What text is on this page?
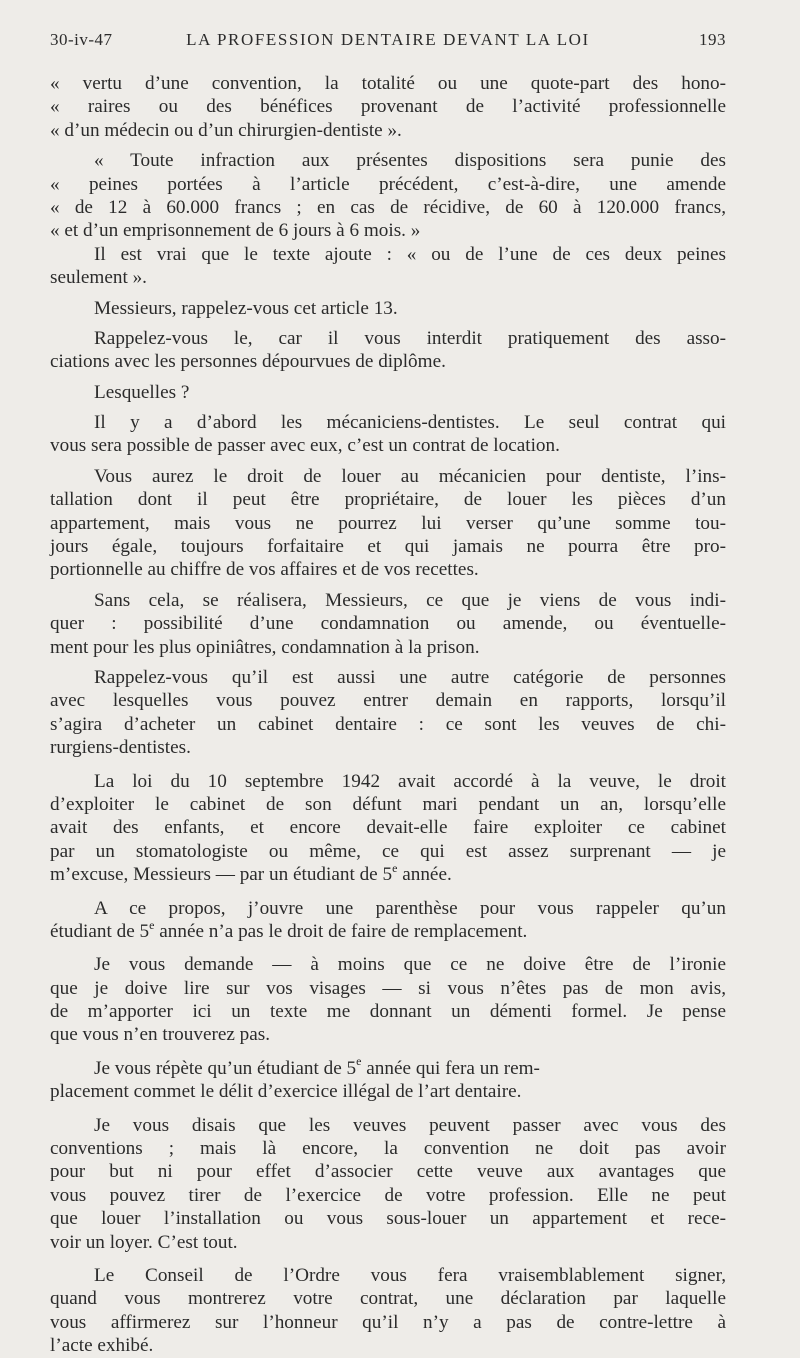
30-iv-47	LA PROFESSION DENTAIRE DEVANT LA LOI	193
« vertu d’une convention, la totalité ou une quote-part des hono-
« raires ou des bénéfices provenant de l’activité professionnelle
« d’un médecin ou d’un chirurgien-dentiste ».
« Toute infraction aux présentes dispositions sera punie des
« peines portées à l’article précédent, c’est-à-dire, une amende
« de 12 à 60.000 francs ; en cas de récidive, de 60 à 120.000 francs,
« et d’un emprisonnement de 6 jours à 6 mois. »
Il est vrai que le texte ajoute : « ou de l’une de ces deux peines
seulement ».
Messieurs, rappelez-vous cet article 13.
Rappelez-vous le, car il vous interdit pratiquement des asso-
ciations avec les personnes dépourvues de diplôme.
Lesquelles ?
Il y a d’abord les mécaniciens-dentistes. Le seul contrat qui
vous sera possible de passer avec eux, c’est un contrat de location.
Vous aurez le droit de louer au mécanicien pour dentiste, l’ins-
tallation dont il peut être propriétaire, de louer les pièces d’un
appartement, mais vous ne pourrez lui verser qu’une somme tou-
jours égale, toujours forfaitaire et qui jamais ne pourra être pro-
portionnelle au chiffre de vos affaires et de vos recettes.
Sans cela, se réalisera, Messieurs, ce que je viens de vous indi-
quer : possibilité d’une condamnation ou amende, ou éventuelle-
ment pour les plus opiniâtres, condamnation à la prison.
Rappelez-vous qu’il est aussi une autre catégorie de personnes
avec lesquelles vous pouvez entrer demain en rapports, lorsqu’il
s’agira d’acheter un cabinet dentaire : ce sont les veuves de chi-
rurgiens-dentistes.
La loi du 10 septembre 1942 avait accordé à la veuve, le droit
d’exploiter le cabinet de son défunt mari pendant un an, lorsqu’elle
avait des enfants, et encore devait-elle faire exploiter ce cabinet
par un stomatologiste ou même, ce qui est assez surprenant — je
m’excuse, Messieurs — par un étudiant de 5e année.
A ce propos, j’ouvre une parenthèse pour vous rappeler qu’un
étudiant de 5e année n’a pas le droit de faire de remplacement.
Je vous demande — à moins que ce ne doive être de l’ironie
que je doive lire sur vos visages — si vous n’êtes pas de mon avis,
de m’apporter ici un texte me donnant un démenti formel. Je pense
que vous n’en trouverez pas.
Je vous répète qu’un étudiant de 5e année qui fera un rem-
placement commet le délit d’exercice illégal de l’art dentaire.
Je vous disais que les veuves peuvent passer avec vous des
conventions ; mais là encore, la convention ne doit pas avoir
pour but ni pour effet d’associer cette veuve aux avantages que
vous pouvez tirer de l’exercice de votre profession. Elle ne peut
que louer l’installation ou vous sous-louer un appartement et rece-
voir un loyer. C’est tout.
Le Conseil de l’Ordre vous fera vraisemblablement signer,
quand vous montrerez votre contrat, une déclaration par laquelle
vous affirmerez sur l’honneur qu’il n’y a pas de contre-lettre à
l’acte exhibé.
